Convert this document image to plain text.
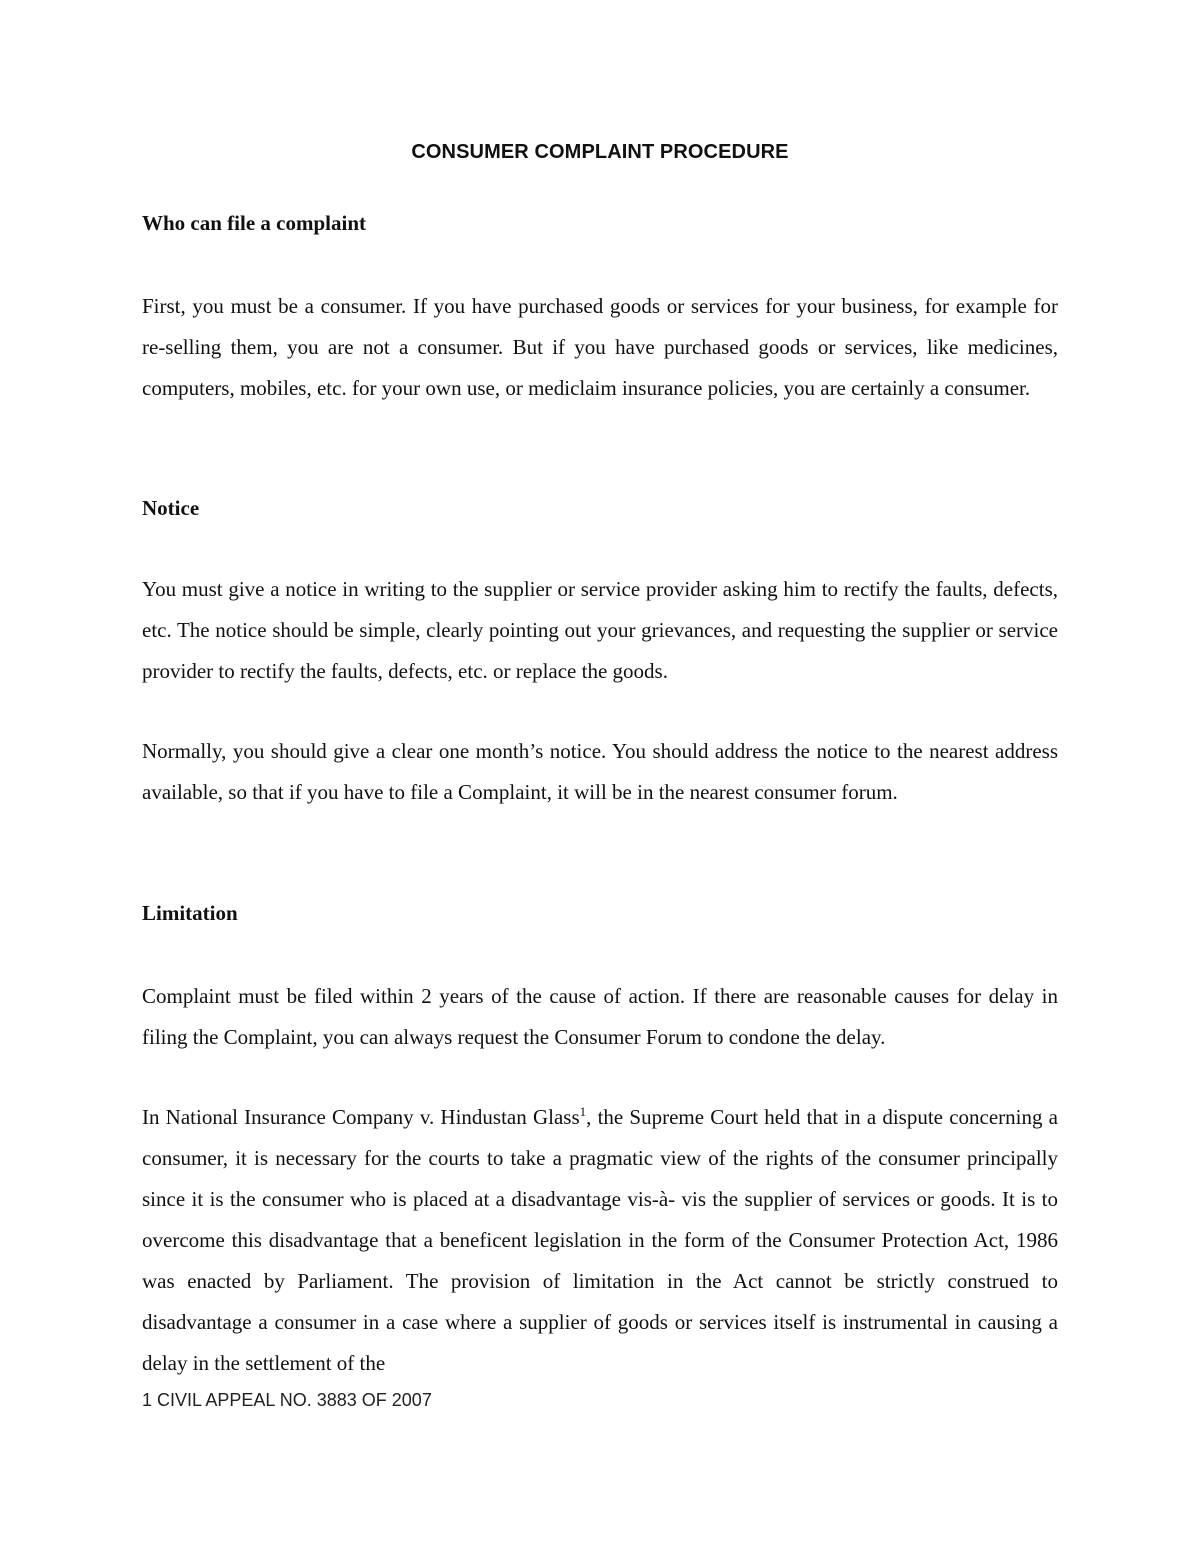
CONSUMER COMPLAINT PROCEDURE
Who can file a complaint

First, you must be a consumer. If you have purchased goods or services for your business, for example for re-selling them, you are not a consumer. But if you have purchased goods or services, like medicines, computers, mobiles, etc. for your own use, or mediclaim insurance policies, you are certainly a consumer.

Notice

You must give a notice in writing to the supplier or service provider asking him to rectify the faults, defects, etc. The notice should be simple, clearly pointing out your grievances, and requesting the supplier or service provider to rectify the faults, defects, etc. or replace the goods.

Normally, you should give a clear one month’s notice. You should address the notice to the nearest address available, so that if you have to file a Complaint, it will be in the nearest consumer forum.

Limitation

Complaint must be filed within 2 years of the cause of action. If there are reasonable causes for delay in filing the Complaint, you can always request the Consumer Forum to condone the delay.

In National Insurance Company v. Hindustan Glass$^1$, the Supreme Court held that in a dispute concerning a consumer, it is necessary for the courts to take a pragmatic view of the rights of the consumer principally since it is the consumer who is placed at a disadvantage vis-à- vis the supplier of services or goods. It is to overcome this disadvantage that a beneficent legislation in the form of the Consumer Protection Act, 1986 was enacted by Parliament. The provision of limitation in the Act cannot be strictly construed to disadvantage a consumer in a case where a supplier of goods or services itself is instrumental in causing a delay in the settlement of the

1 CIVIL APPEAL NO. 3883 OF 2007
